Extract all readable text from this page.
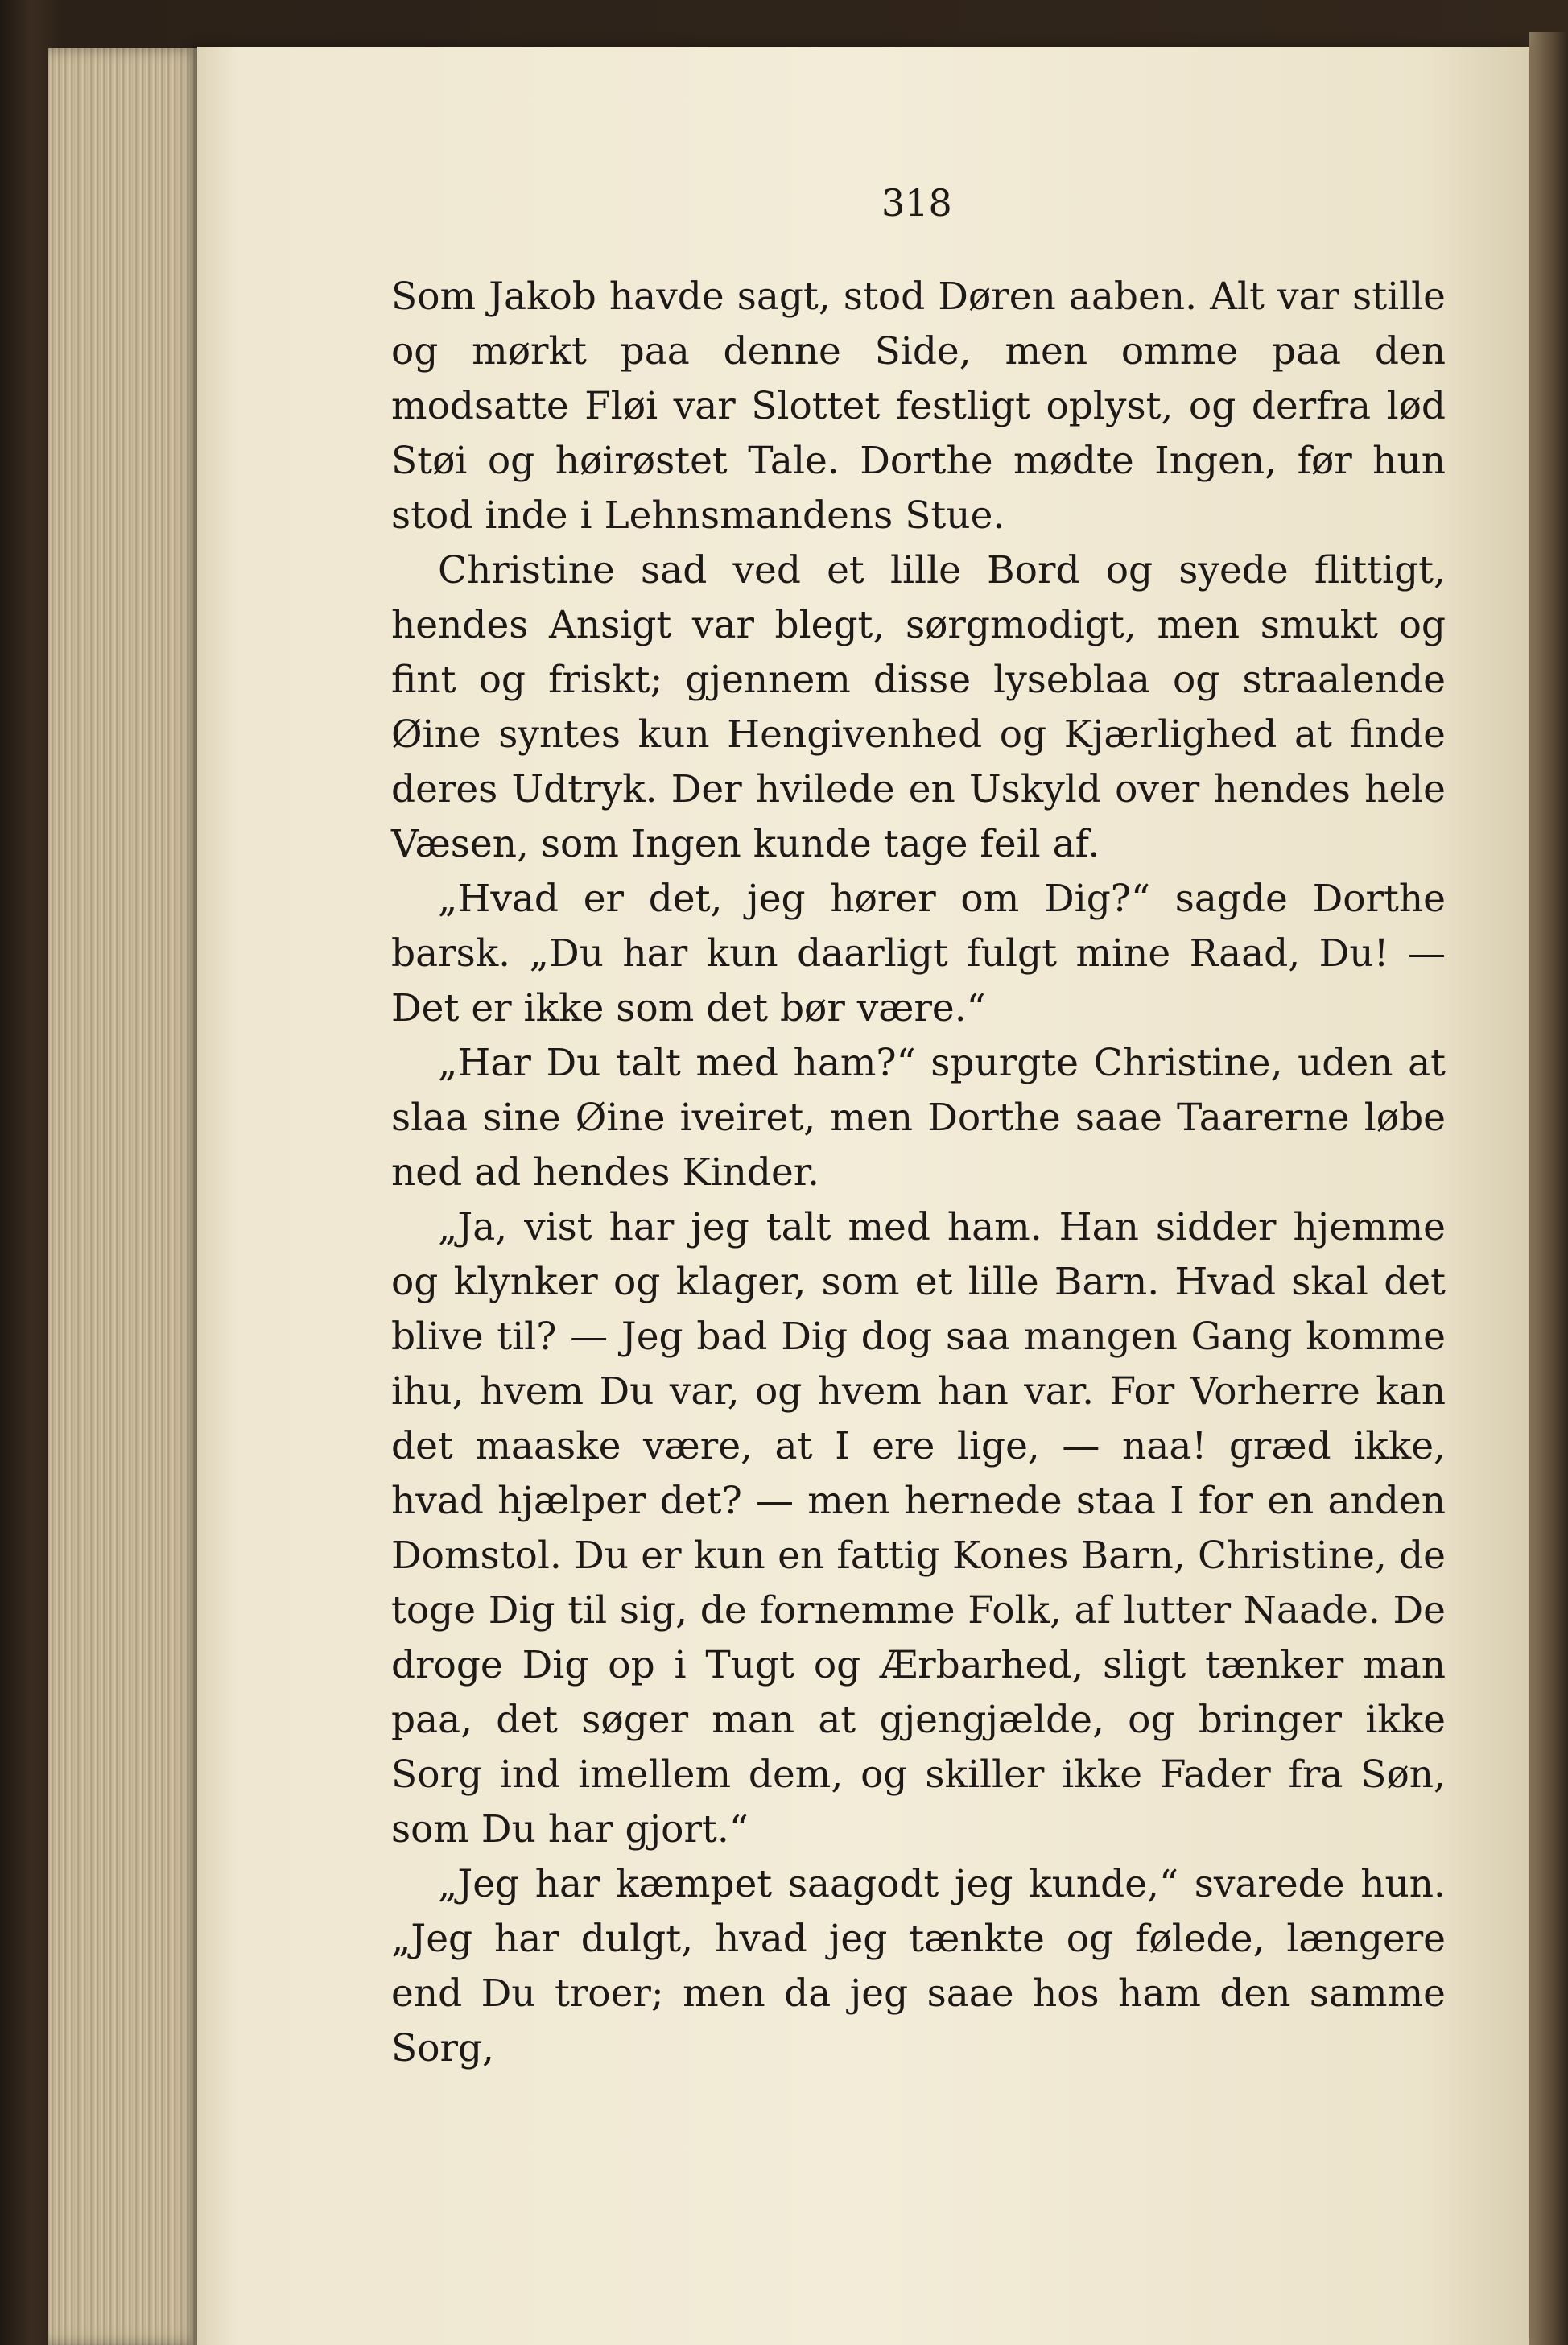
318

Som Jakob havde sagt, stod Døren aaben. Alt var stille og mørkt paa denne Side, men omme paa den modsatte Fløi var Slottet festligt oplyst, og derfra lød Støi og høirøstet Tale. Dorthe mødte Ingen, før hun stod inde i Lehnsmandens Stue.

Christine sad ved et lille Bord og syede flittigt, hendes Ansigt var blegt, sørgmodigt, men smukt og fint og friskt; gjennem disse lyseblaa og straalende Øine syntes kun Hengivenhed og Kjærlighed at finde deres Udtryk. Der hvilede en Uskyld over hendes hele Væsen, som Ingen kunde tage feil af.

„Hvad er det, jeg hører om Dig?“ sagde Dorthe barsk. „Du har kun daarligt fulgt mine Raad, Du! — Det er ikke som det bør være.“

„Har Du talt med ham?“ spurgte Christine, uden at slaa sine Øine iveiret, men Dorthe saae Taarerne løbe ned ad hendes Kinder.

„Ja, vist har jeg talt med ham. Han sidder hjemme og klynker og klager, som et lille Barn. Hvad skal det blive til? — Jeg bad Dig dog saa mangen Gang komme ihu, hvem Du var, og hvem han var. For Vorherre kan det maaske være, at I ere lige, — naa! græd ikke, hvad hjælper det? — men hernede staa I for en anden Domstol. Du er kun en fattig Kones Barn, Christine, de toge Dig til sig, de fornemme Folk, af lutter Naade. De droge Dig op i Tugt og Ærbarhed, sligt tænker man paa, det søger man at gjengjælde, og bringer ikke Sorg ind imellem dem, og skiller ikke Fader fra Søn, som Du har gjort.“

„Jeg har kæmpet saagodt jeg kunde,“ svarede hun. „Jeg har dulgt, hvad jeg tænkte og følede, længere end Du troer; men da jeg saae hos ham den samme Sorg,
